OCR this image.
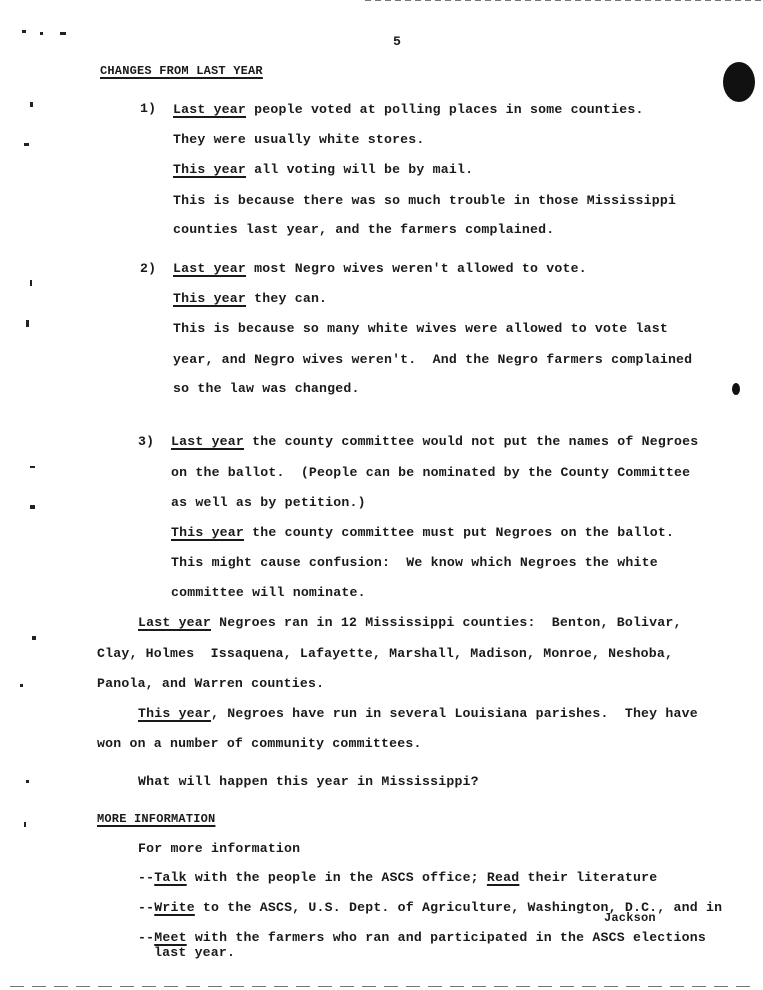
5
CHANGES FROM LAST YEAR
1) Last year people voted at polling places in some counties.
They were usually white stores.
This year all voting will be by mail.
This is because there was so much trouble in those Mississippi
counties last year, and the farmers complained.
2) Last year most Negro wives weren't allowed to vote.
This year they can.
This is because so many white wives were allowed to vote last
year, and Negro wives weren't.  And the Negro farmers complained
so the law was changed.
3) Last year the county committee would not put the names of Negroes
on the ballot.  (People can be nominated by the County Committee
as well as by petition.)
This year the county committee must put Negroes on the ballot.
This might cause confusion:  We know which Negroes the white
committee will nominate.
Last year Negroes ran in 12 Mississippi counties:  Benton, Bolivar,
Clay, Holmes  Issaquena, Lafayette, Marshall, Madison, Monroe, Neshoba,
Panola, and Warren counties.
This year, Negroes have run in several Louisiana parishes.  They have
won on a number of community committees.
What will happen this year in Mississippi?
MORE INFORMATION
For more information
--Talk with the people in the ASCS office; Read their literature
--Write to the ASCS, U.S. Dept. of Agriculture, Washington, D.C., and in
Jackson
--Meet with the farmers who ran and participated in the ASCS elections
last year.
